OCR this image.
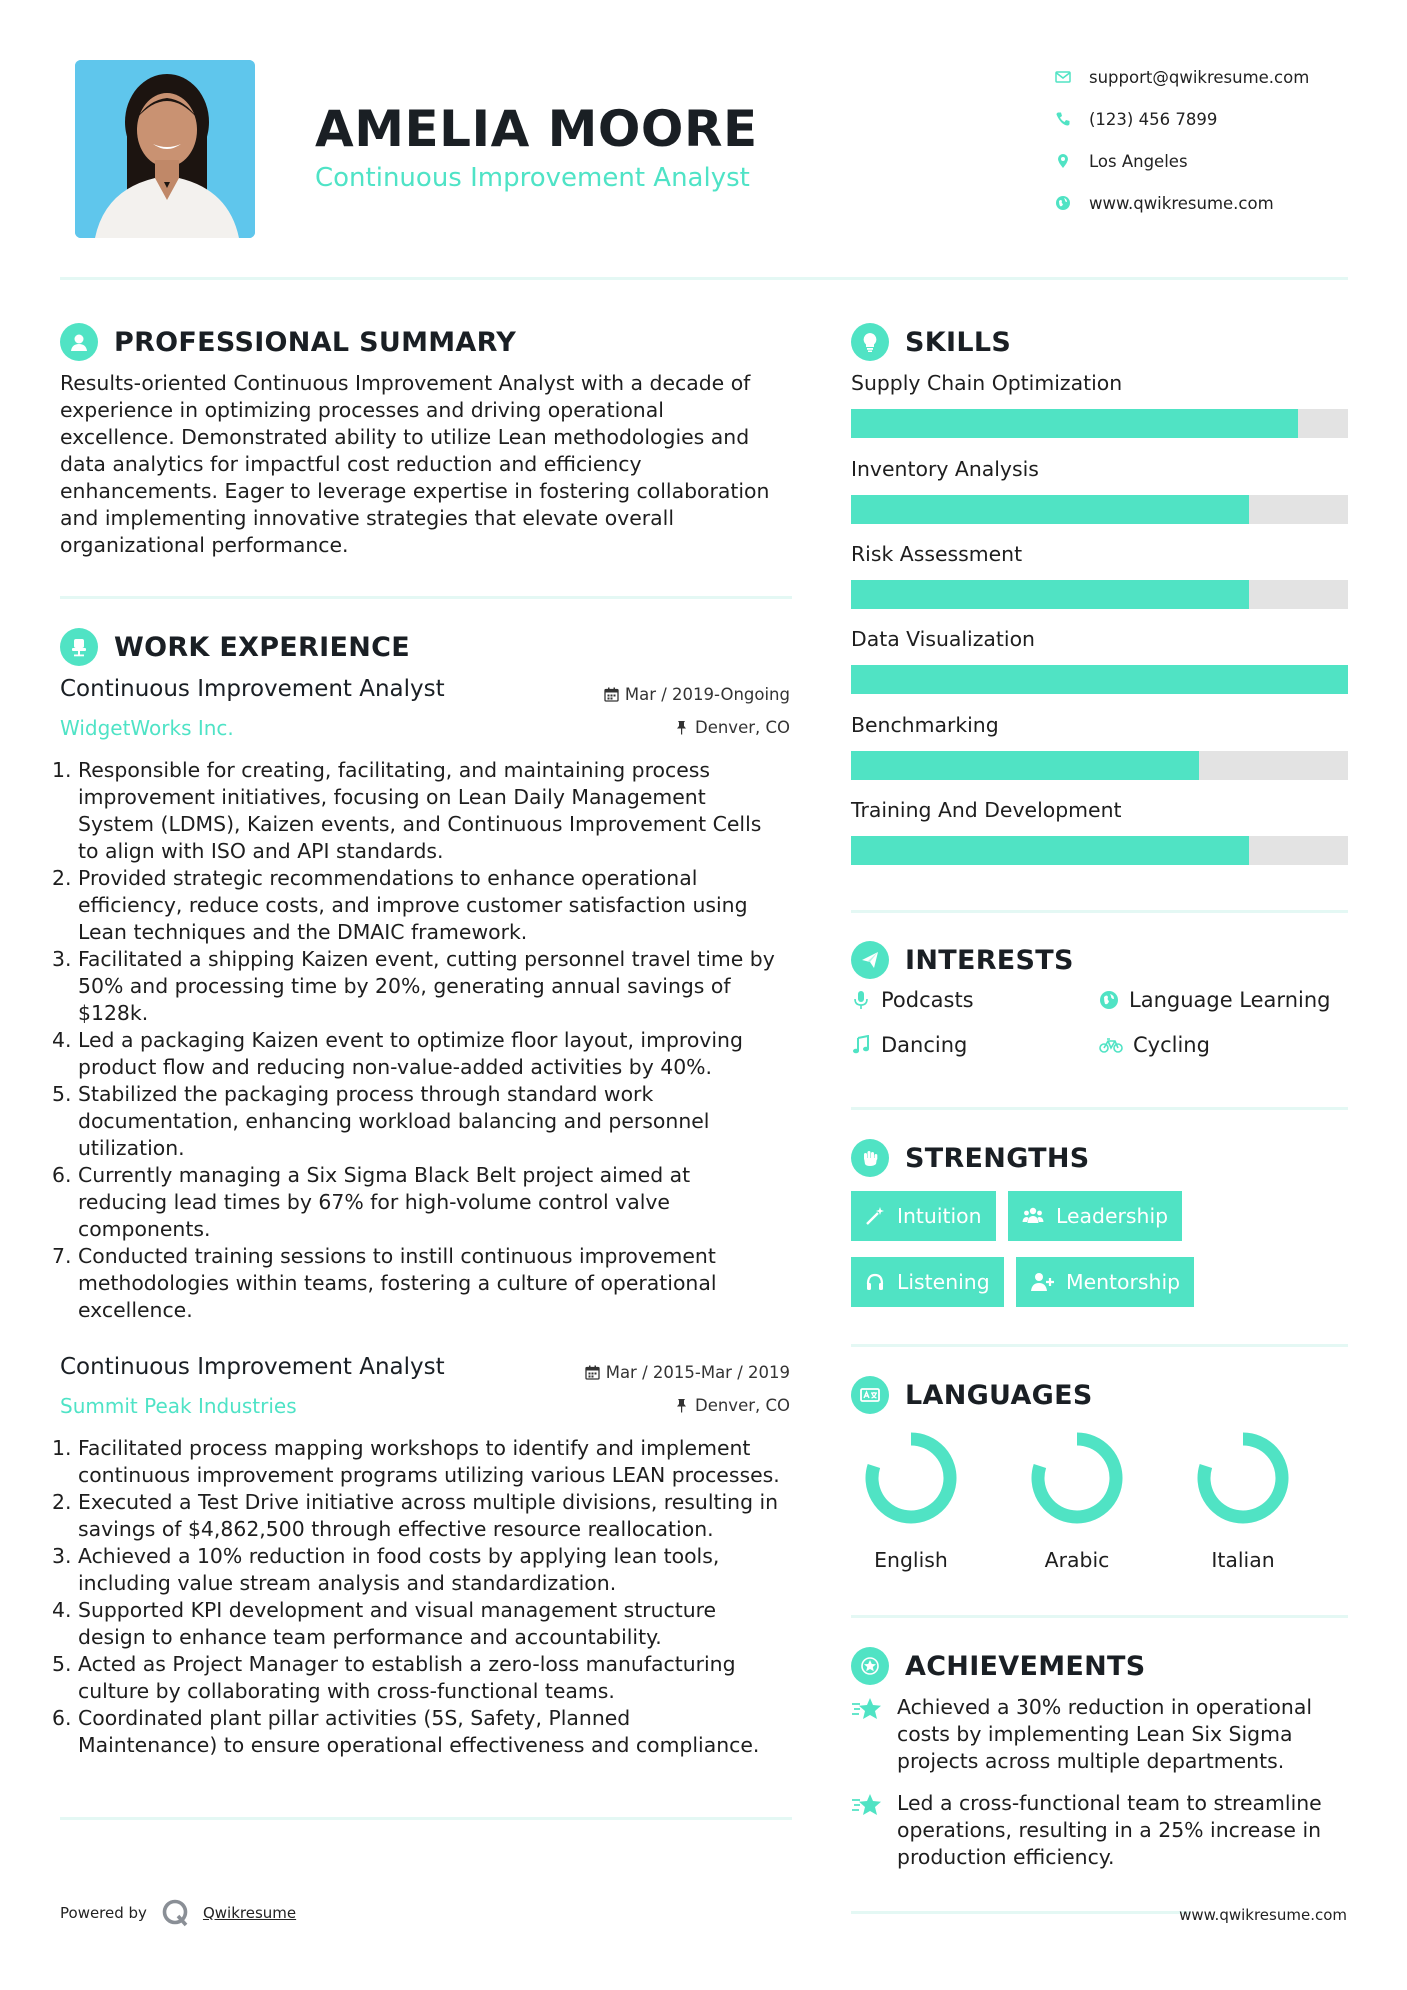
AMELIA MOORE
Continuous Improvement Analyst
support@qwikresume.com
(123) 456 7899
Los Angeles
www.qwikresume.com
PROFESSIONAL SUMMARY
Results-oriented Continuous Improvement Analyst with a decade of
experience in optimizing processes and driving operational
excellence. Demonstrated ability to utilize Lean methodologies and
data analytics for impactful cost reduction and efficiency
enhancements. Eager to leverage expertise in fostering collaboration
and implementing innovative strategies that elevate overall
organizational performance.
WORK EXPERIENCE
Continuous Improvement Analyst
WidgetWorks Inc.
Mar / 2019-Ongoing
Denver, CO
1. Responsible for creating, facilitating, and maintaining process
improvement initiatives, focusing on Lean Daily Management
System (LDMS), Kaizen events, and Continuous Improvement Cells
to align with ISO and API standards.
2. Provided strategic recommendations to enhance operational
efficiency, reduce costs, and improve customer satisfaction using
Lean techniques and the DMAIC framework.
3. Facilitated a shipping Kaizen event, cutting personnel travel time by
50% and processing time by 20%, generating annual savings of
$128k.
4. Led a packaging Kaizen event to optimize floor layout, improving
product flow and reducing non-value-added activities by 40%.
5. Stabilized the packaging process through standard work
documentation, enhancing workload balancing and personnel
utilization.
6. Currently managing a Six Sigma Black Belt project aimed at
reducing lead times by 67% for high-volume control valve
components.
7. Conducted training sessions to instill continuous improvement
methodologies within teams, fostering a culture of operational
excellence.
Continuous Improvement Analyst
Summit Peak Industries
Mar / 2015-Mar / 2019
Denver, CO
1. Facilitated process mapping workshops to identify and implement
continuous improvement programs utilizing various LEAN processes.
2. Executed a Test Drive initiative across multiple divisions, resulting in
savings of $4,862,500 through effective resource reallocation.
3. Achieved a 10% reduction in food costs by applying lean tools,
including value stream analysis and standardization.
4. Supported KPI development and visual management structure
design to enhance team performance and accountability.
5. Acted as Project Manager to establish a zero-loss manufacturing
culture by collaborating with cross-functional teams.
6. Coordinated plant pillar activities (5S, Safety, Planned
Maintenance) to ensure operational effectiveness and compliance.
SKILLS
Supply Chain Optimization
Inventory Analysis
Risk Assessment
Data Visualization
Benchmarking
Training And Development
INTERESTS
Podcasts	Language Learning
Dancing	Cycling
STRENGTHS
Intuition	Leadership
Listening	Mentorship
LANGUAGES
English	Arabic	Italian
ACHIEVEMENTS
Achieved a 30% reduction in operational
costs by implementing Lean Six Sigma
projects across multiple departments.
Led a cross-functional team to streamline
operations, resulting in a 25% increase in
production efficiency.
Powered by	Qwikresume	www.qwikresume.com
